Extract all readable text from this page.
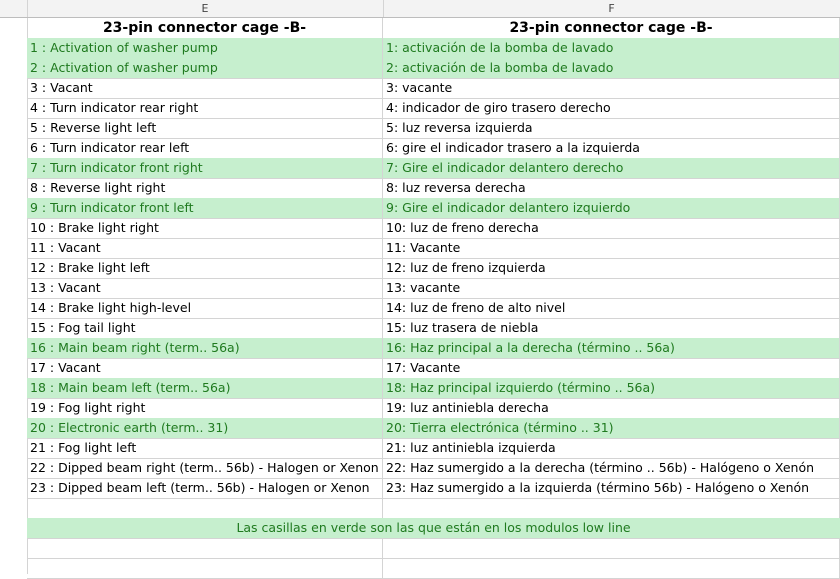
E	F
23-pin connector cage -B-	23-pin connector cage -B-
1 : Activation of washer pump	1: activación de la bomba de lavado
2 : Activation of washer pump	2: activación de la bomba de lavado
3 : Vacant	3: vacante
4 : Turn indicator rear right	4: indicador de giro trasero derecho
5 : Reverse light left	5: luz reversa izquierda
6 : Turn indicator rear left	6: gire el indicador trasero a la izquierda
7 : Turn indicator front right	7: Gire el indicador delantero derecho
8 : Reverse light right	8: luz reversa derecha
9 : Turn indicator front left	9: Gire el indicador delantero izquierdo
10 : Brake light right	10: luz de freno derecha
11 : Vacant	11: Vacante
12 : Brake light left	12: luz de freno izquierda
13 : Vacant	13: vacante
14 : Brake light high-level	14: luz de freno de alto nivel
15 : Fog tail light	15: luz trasera de niebla
16 : Main beam right (term.. 56a)	16: Haz principal a la derecha (término .. 56a)
17 : Vacant	17: Vacante
18 : Main beam left (term.. 56a)	18: Haz principal izquierdo (término .. 56a)
19 : Fog light right	19: luz antiniebla derecha
20 : Electronic earth (term.. 31)	20: Tierra electrónica (término .. 31)
21 : Fog light left	21: luz antiniebla izquierda
22 : Dipped beam right (term.. 56b) - Halogen or Xenon 22: Haz sumergido a la derecha (término .. 56b) - Halógeno o Xenón
23 : Dipped beam left (term.. 56b) - Halogen or Xenon	23: Haz sumergido a la izquierda (término 56b) - Halógeno o Xenón
Las casillas en verde son las que están en los modulos low line
